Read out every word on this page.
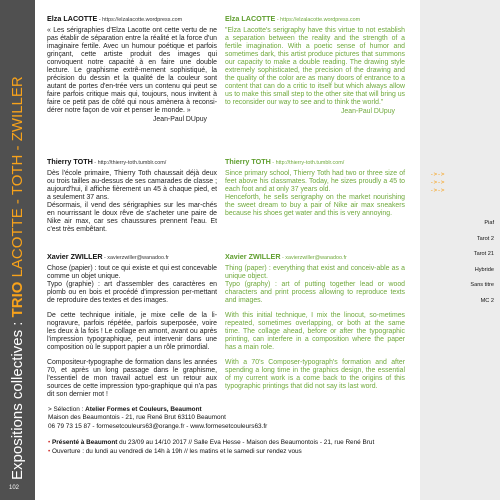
Expositions collectives : TRIO LACOTTE - TOTH - ZWILLER
102
Elza LACOTTE - https://elzalacotte.wordpress.com
« Les sérigraphies d'Elza Lacotte ont cette vertu de ne pas établir de séparation entre la réalité et la force d'un imaginaire fertile. Avec un humour poétique et parfois grinçant, cette artiste produit des images qui convoquent notre capacité à en faire une double lecture. Le graphisme extrê-mement sophistiqué, la précision du dessin et la qualité de la couleur sont autant de portes d'en-trée vers un contenu qui peut se faire parfois critique mais qui, toujours, nous invitent à faire ce petit pas de côté qui nous amènera à reconsi-dérer notre façon de voir et penser le monde. »
Jean-Paul DUpuy
Thierry TOTH - http://thierry-toth.tumblr.com/
Dès l'école primaire, Thierry Toth chaussait déjà deux ou trois tailles au-dessus de ses camarades de classe ; aujourd'hui, il affiche fièrement un 45 à chaque pied, et a seulement 37 ans.
Désormais, il vend des sérigraphies sur les mar-chés en nourrissant le doux rêve de s'acheter une paire de Nike air max, car ses chaussures prennent l'eau. Et c'est très embêtant.
Xavier ZWILLER - xavierzwiller@wanadoo.fr
Chose (papier) : tout ce qui existe et qui est concevable comme un objet unique.
Typo (graphie) : art d'assembler des caractères en plomb ou en bois et procédé d'impression per-mettant de reproduire des textes et des images.
De cette technique initiale, je mixe celle de la li-nogravure, parfois répétée, parfois superposée, voire les deux à la fois ! Le collage en amont, avant ou après l'impression typographique, peut intervenir dans une composition où le support papier a un rôle primordial.
Compositeur-typographe de formation dans les années 70, et après un long passage dans le graphisme, l'essentiel de mon travail actuel est un retour aux sources de cette impression typo-graphique qui n'a pas dit son dernier mot !
Elza LACOTTE - https://elzalacotte.wordpress.com
"Elza Lacotte's serigraphy have this virtue to not establish a separation between the reality and the strength of a fertile imagination. With a poetic sense of humor and sometimes dark, this artist produce pictures that summons our capacity to make a double reading. The drawing style extremely sophisticated, the precision of the drawing and the quality of the color are as many doors of entrance to a content that can do a critic to itself but which always allow us to make this small step to the other site that will bring us to reconsider our way to see and to think the world."
Jean-Paul DUpuy
Thierry TOTH - http://thierry-toth.tumblr.com/
Since primary school, Thierry Toth had two or three size of feet above his classmates. Today, he sizes proudly a 45 to each foot and at only 37 years old.
Henceforth, he sells serigraphy on the market nourishing the sweet dream to buy a pair of Nike air max sneakers because his shoes get water and this is very annoying.
Xavier ZWILLER - xavierzwiller@wanadoo.fr
Thing (paper) : everything that exist and conceiv-able as a unique object.
Typo (graphy) : art of putting together lead or wood characters and print process allowing to reproduce texts and images.
With this initial technique, I mix the linocut, so-metimes repeated, sometimes overlapping, or both at the same time. The collage ahead, before or after the typographic printing, can interfere in a composition where the paper has a main role.
With a 70's Composer-typograph's formation and after spending a long time in the graphics design, the essential of my current work is a come back to the origins of this typographic printings that did not say its last word.
->->
->->
->->
Piaf
Tarot 2
Tarot 21
Hybride
Sans titre
MC 2
> Sélection : Atelier Formes et Couleurs, Beaumont
Maison des Beaumontois - 21, rue René Brut 63110 Beaumont
06 79 73 15 87 - formesetcouleurs63@orange.fr - www.formesetcouleurs63.fr
• Présenté à Beaumont du 23/09 au 14/10 2017 // Salle Eva Hesse - Maison des Beaumontois - 21, rue René Brut
• Ouverture : du lundi au vendredi de 14h à 19h // les matins et le samedi sur rendez vous
